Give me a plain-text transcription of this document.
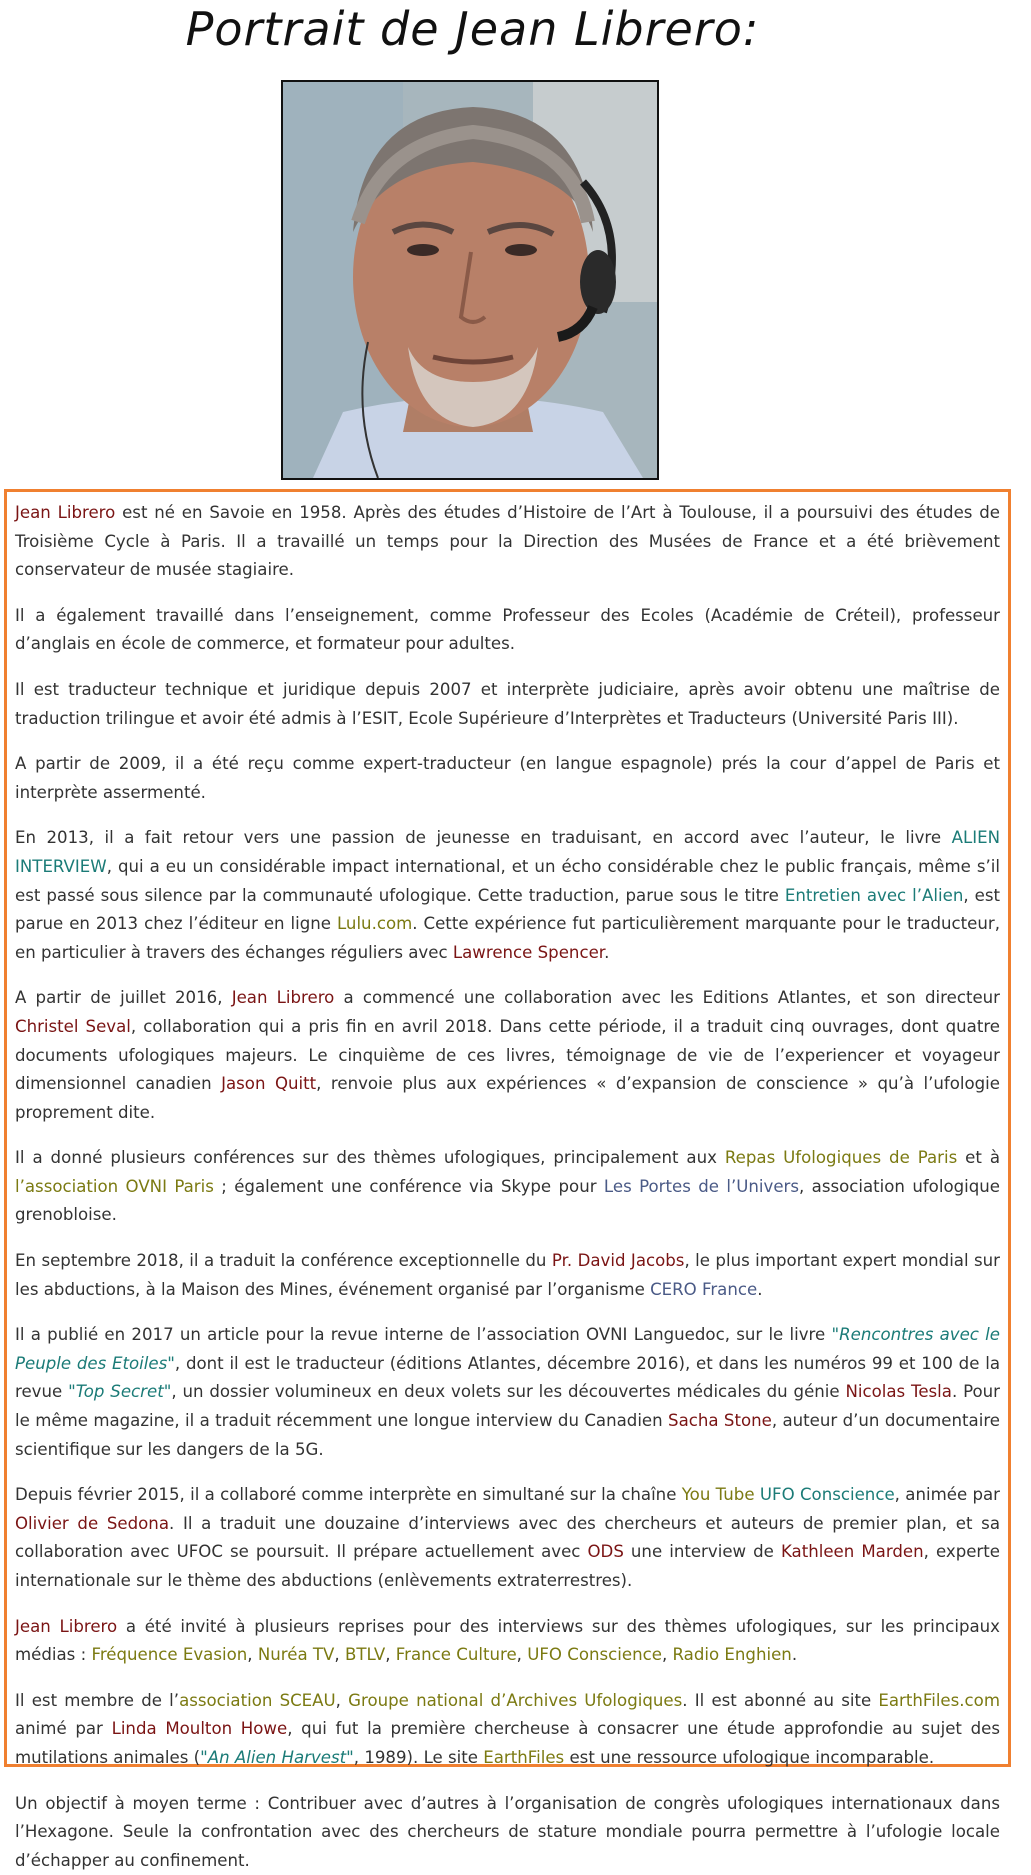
Portrait de Jean Librero:

Jean Librero est né en Savoie en 1958. Après des études d’Histoire de l’Art à Toulouse, il a poursuivi des études de Troisième Cycle à Paris. Il a travaillé un temps pour la Direction des Musées de France et a été brièvement conservateur de musée stagiaire.

Il a également travaillé dans l’enseignement, comme Professeur des Ecoles (Académie de Créteil), professeur d’anglais en école de commerce, et formateur pour adultes.

Il est traducteur technique et juridique depuis 2007 et interprète judiciaire, après avoir obtenu une maîtrise de traduction trilingue et avoir été admis à l’ESIT, Ecole Supérieure d’Interprètes et Traducteurs (Université Paris III).

A partir de 2009, il a été reçu comme expert-traducteur (en langue espagnole) prés la cour d’appel de Paris et interprète assermenté.

En 2013, il a fait retour vers une passion de jeunesse en traduisant, en accord avec l’auteur, le livre ALIEN INTERVIEW, qui a eu un considérable impact international, et un écho considérable chez le public français, même s’il est passé sous silence par la communauté ufologique. Cette traduction, parue sous le titre Entretien avec l’Alien, est parue en 2013 chez l’éditeur en ligne Lulu.com. Cette expérience fut particulièrement marquante pour le traducteur, en particulier à travers des échanges réguliers avec Lawrence Spencer.

A partir de juillet 2016, Jean Librero a commencé une collaboration avec les Editions Atlantes, et son directeur Christel Seval, collaboration qui a pris fin en avril 2018. Dans cette période, il a traduit cinq ouvrages, dont quatre documents ufologiques majeurs. Le cinquième de ces livres, témoignage de vie de l’experiencer et voyageur dimensionnel canadien Jason Quitt, renvoie plus aux expériences « d’expansion de conscience » qu’à l’ufologie proprement dite.

Il a donné plusieurs conférences sur des thèmes ufologiques, principalement aux Repas Ufologiques de Paris et à l’association OVNI Paris ; également une conférence via Skype pour Les Portes de l’Univers, association ufologique grenobloise.

En septembre 2018, il a traduit la conférence exceptionnelle du Pr. David Jacobs, le plus important expert mondial sur les abductions, à la Maison des Mines, événement organisé par l’organisme CERO France.

Il a publié en 2017 un article pour la revue interne de l’association OVNI Languedoc, sur le livre "Rencontres avec le Peuple des Etoiles", dont il est le traducteur (éditions Atlantes, décembre 2016), et dans les numéros 99 et 100 de la revue "Top Secret", un dossier volumineux en deux volets sur les découvertes médicales du génie Nicolas Tesla. Pour le même magazine, il a traduit récemment une longue interview du Canadien Sacha Stone, auteur d’un documentaire scientifique sur les dangers de la 5G.

Depuis février 2015, il a collaboré comme interprète en simultané sur la chaîne You Tube UFO Conscience, animée par Olivier de Sedona. Il a traduit une douzaine d’interviews avec des chercheurs et auteurs de premier plan, et sa collaboration avec UFOC se poursuit. Il prépare actuellement avec ODS une interview de Kathleen Marden, experte internationale sur le thème des abductions (enlèvements extraterrestres).

Jean Librero a été invité à plusieurs reprises pour des interviews sur des thèmes ufologiques, sur les principaux médias : Fréquence Evasion, Nuréa TV, BTLV, France Culture, UFO Conscience, Radio Enghien.

Il est membre de l’association SCEAU, Groupe national d’Archives Ufologiques. Il est abonné au site EarthFiles.com animé par Linda Moulton Howe, qui fut la première chercheuse à consacrer une étude approfondie au sujet des mutilations animales ("An Alien Harvest", 1989). Le site EarthFiles est une ressource ufologique incomparable.

Un objectif à moyen terme : Contribuer avec d’autres à l’organisation de congrès ufologiques internationaux dans l’Hexagone. Seule la confrontation avec des chercheurs de stature mondiale pourra permettre à l’ufologie locale d’échapper au confinement.
